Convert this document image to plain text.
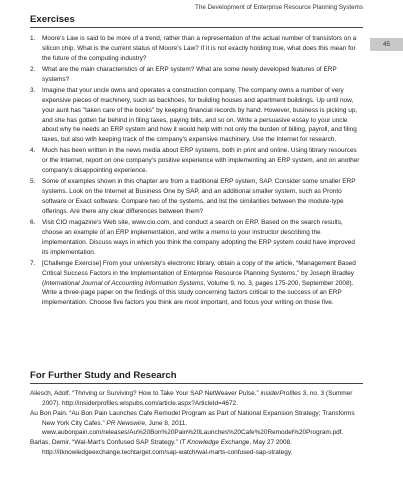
The Development of Enterprise Resource Planning Systems
45
Exercises
1.	Moore's Law is said to be more of a trend, rather than a representation of the actual number of transistors on a silicon chip. What is the current status of Moore's Law? If it is not exactly holding true, what does this mean for the future of the computing industry?
2.	What are the main characteristics of an ERP system? What are some newly developed features of ERP systems?
3.	Imagine that your uncle owns and operates a construction company. The company owns a number of very expensive pieces of machinery, such as backhoes, for building houses and apartment buildings. Up until now, your aunt has "taken care of the books" by keeping financial records by hand. However, business is picking up, and she has gotten far behind in filing taxes, paying bills, and so on. Write a persuasive essay to your uncle about why he needs an ERP system and how it would help with not only the burden of billing, payroll, and filing taxes, but also with keeping track of the company's expensive machinery. Use the Internet for research.
4.	Much has been written in the news media about ERP systems, both in print and online. Using library resources or the Internet, report on one company's positive experience with implementing an ERP system, and on another company's disappointing experience.
5.	Some of examples shown in this chapter are from a traditional ERP system, SAP. Consider some smaller ERP systems. Look on the Internet at Business One by SAP, and an additional smaller system, such as Pronto software or Exact software. Compare two of the systems, and list the similarities between the module-type offerings. Are there any clear differences between them?
6.	Visit CIO magazine's Web site, www.cio.com, and conduct a search on ERP. Based on the search results, choose an example of an ERP implementation, and write a memo to your instructor describing the implementation. Discuss ways in which you think the company adopting the ERP system could have improved its implementation.
7.	[Challenge Exercise] From your university's electronic library, obtain a copy of the article, “Management Based Critical Success Factors in the Implementation of Enterprise Resource Planning Systems,” by Joseph Bradley (International Journal of Accounting Information Systems, Volume 9, no. 3, pages 175-200, September 2008). Write a three-page paper on the findings of this study concerning factors critical to the success of an ERP implementation. Choose five factors you think are most important, and focus your writing on those five.
For Further Study and Research

Aliesch, Adolf. “Thriving or Surviving? How to Take Your SAP NetWeaver Pulse.” insiderProfiles 3, no. 3 (Summer 2007). http://insiderprofiles.wispubs.com/article.aspx?ArticleId=4672.

Au Bon Pain. “Au Bon Pain Launches Cafe Remodel Program as Part of National Expansion Strategy; Transforms New York City Cafes.” PR Newswire, June 8, 2011. www.aubonpain.com/releases/Au%20Bon%20Pain%20Launches%20Cafe%20Remodel%20Program.pdf.

Barlas, Demir. “Wal-Mart's Confused SAP Strategy.” IT Knowledge Exchange, May 27 2008. http://itknowledgeexchange.techtarget.com/sap-watch/wal-marts-confused-sap-strategy.
